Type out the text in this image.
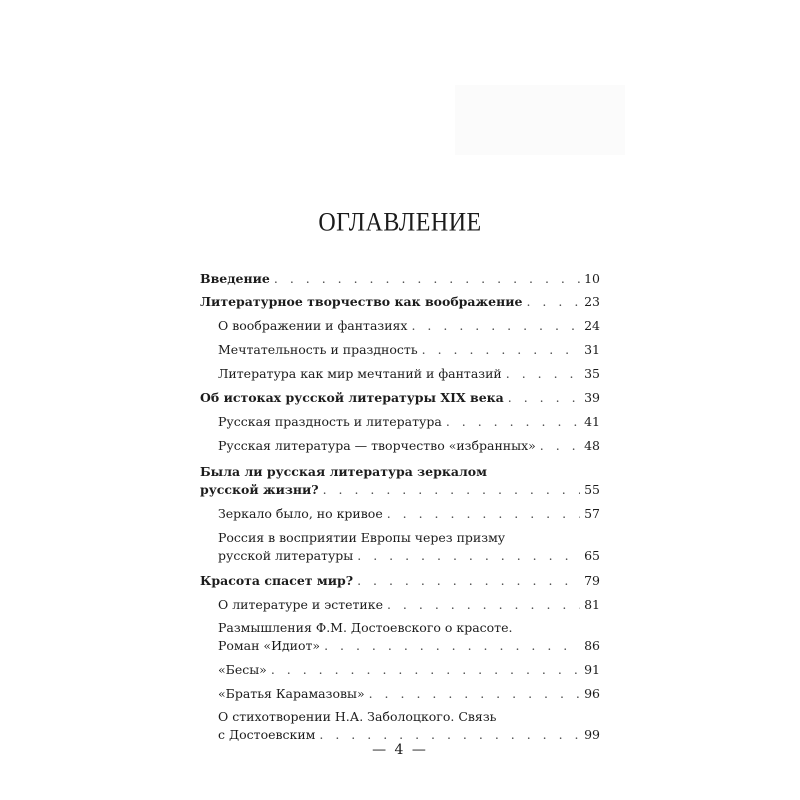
ОГЛАВЛЕНИЕ
Введение . . .	10
Литературное творчество как воображение . . .	23
О воображении и фантазиях . . .	24
Мечтательность и праздность . . .	31
Литература как мир мечтаний и фантазий . . .	35
Об истоках русской литературы XIX века . . .	39
Русская праздность и литература . . .	41
Русская литература — творчество «избранных» . . .	48
Была ли русская литература зеркалом
русской жизни? . . .	55
Зеркало было, но кривое . . .	57
Россия в восприятии Европы через призму
русской литературы . . .	65
Красота спасет мир? . . .	79
О литературе и эстетике . . .	81
Размышления Ф.М. Достоевского о красоте.
Роман «Идиот» . . .	86
«Бесы» . . .	91
«Братья Карамазовы» . . .	96
О стихотворении Н.А. Заболоцкого. Связь
с Достоевским . . .	99
— 4 —
